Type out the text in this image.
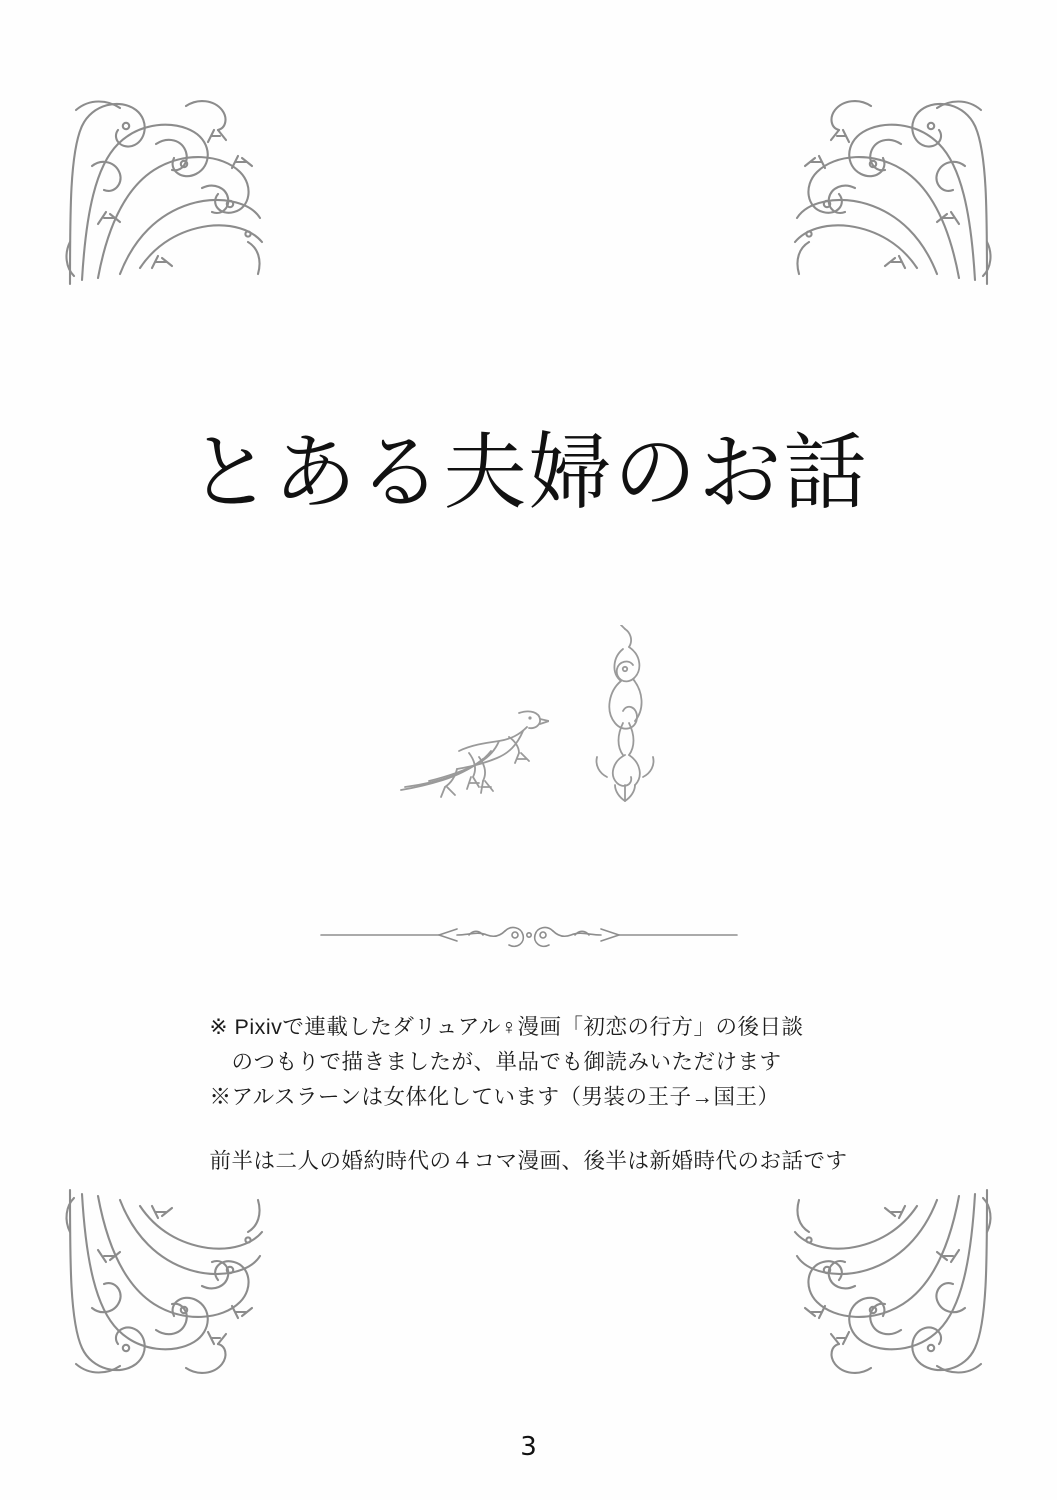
とある夫婦のお話
※ Pixivで連載したダリュアル♀漫画「初恋の行方」の後日談
のつもりで描きましたが、単品でも御読みいただけます
※アルスラーンは女体化しています（男装の王子→国王）
前半は二人の婚約時代の４コマ漫画、後半は新婚時代のお話です
3
